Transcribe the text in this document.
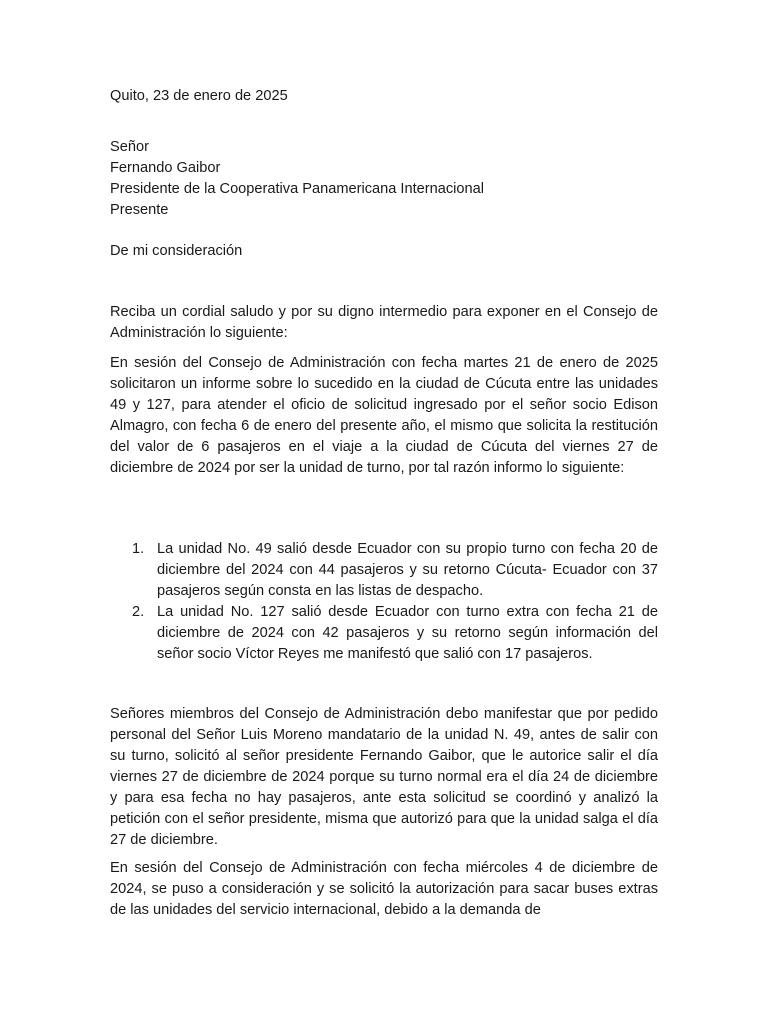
Quito, 23 de enero de 2025

Señor

Fernando Gaibor

Presidente de la Cooperativa Panamericana Internacional

Presente

De mi consideración

Reciba un cordial saludo y por su digno intermedio para exponer en el Consejo de Administración lo siguiente:

En sesión del Consejo de Administración con fecha martes 21 de enero de 2025 solicitaron un informe sobre lo sucedido en la ciudad de Cúcuta entre las unidades 49 y 127, para atender el oficio de solicitud ingresado por el señor socio Edison Almagro, con fecha 6 de enero del presente año, el mismo que solicita la restitución del valor de 6 pasajeros en el viaje a la ciudad de Cúcuta del viernes 27 de diciembre de 2024 por ser la unidad de turno, por tal razón informo lo siguiente:

1. La unidad No. 49 salió desde Ecuador con su propio turno con fecha 20 de diciembre del 2024 con 44 pasajeros y su retorno Cúcuta- Ecuador con 37 pasajeros según consta en las listas de despacho.
2. La unidad No. 127 salió desde Ecuador con turno extra con fecha 21 de diciembre de 2024 con 42 pasajeros y su retorno según información del señor socio Víctor Reyes me manifestó que salió con 17 pasajeros.

Señores miembros del Consejo de Administración debo manifestar que por pedido personal del Señor Luis Moreno mandatario de la unidad N. 49, antes de salir con su turno, solicitó al señor presidente Fernando Gaibor, que le autorice salir el día viernes 27 de diciembre de 2024 porque su turno normal era el día 24 de diciembre y para esa fecha no hay pasajeros, ante esta solicitud se coordinó y analizó la petición con el señor presidente, misma que autorizó para que la unidad salga el día 27 de diciembre.

En sesión del Consejo de Administración con fecha miércoles 4 de diciembre de 2024, se puso a consideración y se solicitó la autorización para sacar buses extras de las unidades del servicio internacional, debido a la demanda de
